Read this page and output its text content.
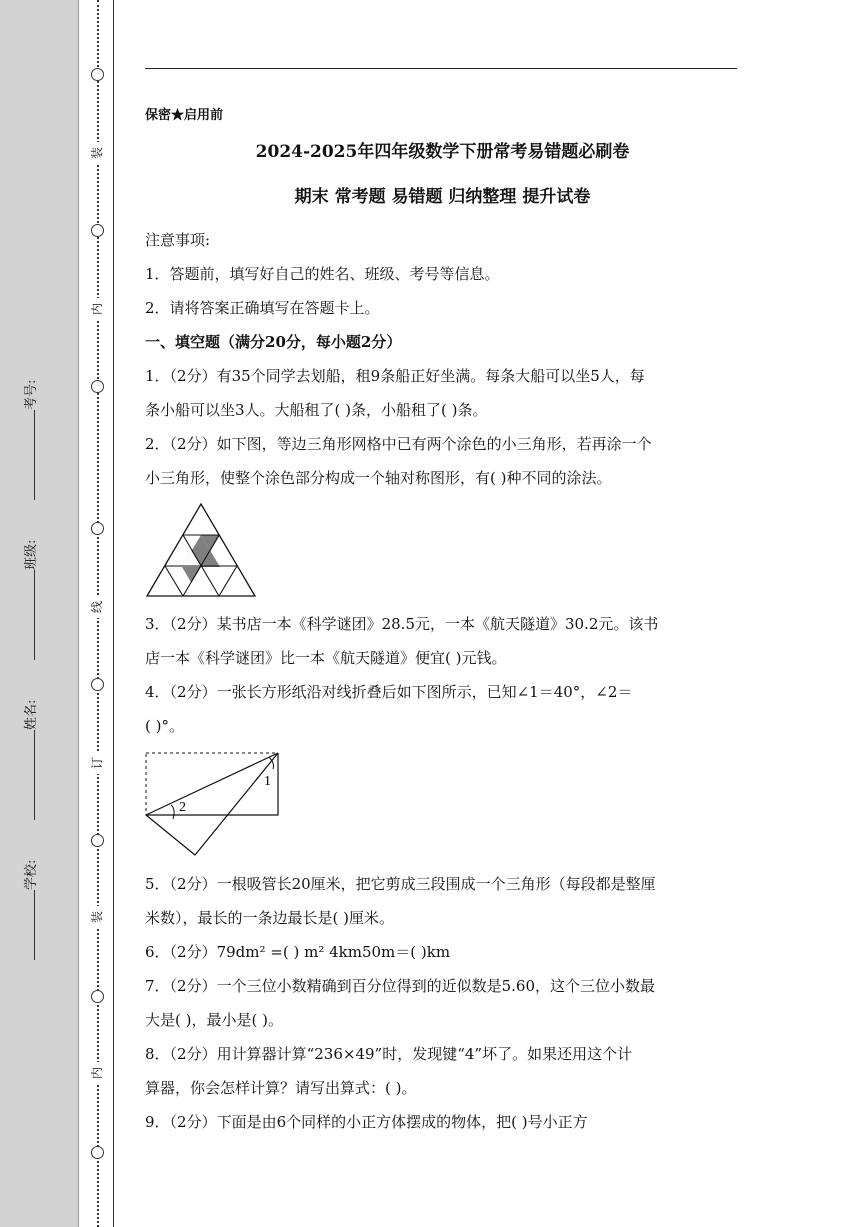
装
内
线
订
装
内
考号:
班级:
姓名:
学校:

保密★启用前

2024-2025年四年级数学下册常考易错题必刷卷

期末 常考题 易错题 归纳整理 提升试卷

注意事项:

1．答题前，填写好自己的姓名、班级、考号等信息。

2．请将答案正确填写在答题卡上。

一、填空题（满分20分，每小题2分）

1．（2分）有35个同学去划船，租9条船正好坐满。每条大船可以坐5人，每

条小船可以坐3人。大船租了( )条，小船租了( )条。

2．（2分）如下图，等边三角形网格中已有两个涂色的小三角形，若再涂一个

小三角形，使整个涂色部分构成一个轴对称图形，有( )种不同的涂法。

3．（2分）某书店一本《科学谜团》28.5元，一本《航天隧道》30.2元。该书

店一本《科学谜团》比一本《航天隧道》便宜( )元钱。

4．（2分）一张长方形纸沿对线折叠后如下图所示，已知∠1＝40°，∠2＝

( )°。

1
2

5．（2分）一根吸管长20厘米，把它剪成三段围成一个三角形（每段都是整厘

米数），最长的一条边最长是( )厘米。

6．（2分）79dm² =( ) m² 4km50m＝( )km

7．（2分）一个三位小数精确到百分位得到的近似数是5.60，这个三位小数最

大是( )，最小是( )。

8．（2分）用计算器计算“236×49”时，发现键“4”坏了。如果还用这个计

算器，你会怎样计算？请写出算式：( )。

9．（2分）下面是由6个同样的小正方体摆成的物体，把( )号小正方
